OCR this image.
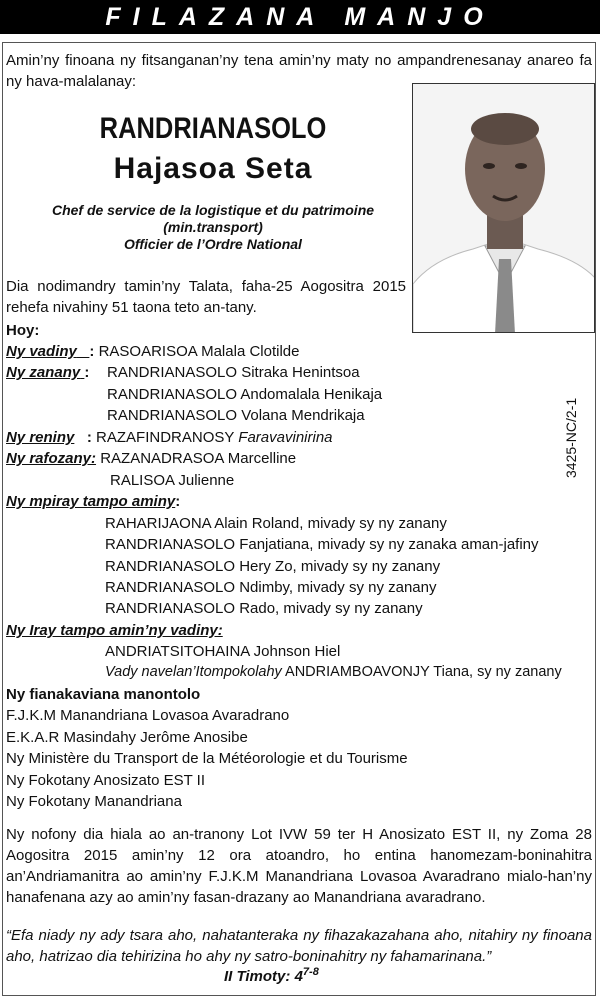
FILAZANA MANJO

Amin’ny finoana ny fitsanganan’ny tena amin’ny maty no ampandrenesanay anareo fa ny hava-malalanay:

RANDRIANASOLO
Hajasoa Seta
Chef de service de la logistique et du patrimoine
(min.transport)
Officier de l’Ordre National

Dia nodimandry tamin’ny Talata, faha-25 Aogositra 2015 rehefa nivahiny 51 taona teto an-tany.

Hoy:
Ny vadiny : RASOARISOA Malala Clotilde
Ny zanany : RANDRIANASOLO Sitraka Henintsoa
RANDRIANASOLO Andomalala Henikaja
RANDRIANASOLO Volana Mendrikaja
Ny reniny : RAZAFINDRANOSY Faravavinirina
Ny rafozany: RAZANADRASOA Marcelline
RALISOA Julienne
Ny mpiray tampo aminy:
RAHARIJAONA Alain Roland, mivady sy ny zanany
RANDRIANASOLO Fanjatiana, mivady sy ny zanaka aman-jafiny
RANDRIANASOLO Hery Zo, mivady sy ny zanany
RANDRIANASOLO Ndimby, mivady sy ny zanany
RANDRIANASOLO Rado, mivady sy ny zanany
Ny Iray tampo amin’ny vadiny:
ANDRIATSITOHAINA Johnson Hiel
Vady navelan’Itompokolahy ANDRIAMBOAVONJY Tiana, sy ny zanany
Ny fianakaviana manontolo
F.J.K.M Manandriana Lovasoa Avaradrano
E.K.A.R Masindahy Jerôme Anosibe
Ny Ministère du Transport de la Météorologie et du Tourisme
Ny Fokotany Anosizato EST II
Ny Fokotany Manandriana

Ny nofony dia hiala ao an-tranony Lot IVW 59 ter H Anosizato EST II, ny Zoma 28 Aogositra 2015 amin’ny 12 ora atoandro, ho entina hanomezam-boninahitra an’Andriamanitra ao amin’ny F.J.K.M Manandriana Lovasoa Avaradrano mialo-han’ny hanafenana azy ao amin’ny fasan-drazany ao Manandriana avaradrano.

“Efa niady ny ady tsara aho, nahatanteraka ny fihazakazahana aho, nitahiry ny finoana aho, hatrizao dia tehirizina ho ahy ny satro-boninahitry ny fahamarinana.”

II Timoty: 4$^{7-8}$
3425-NC/2-1
